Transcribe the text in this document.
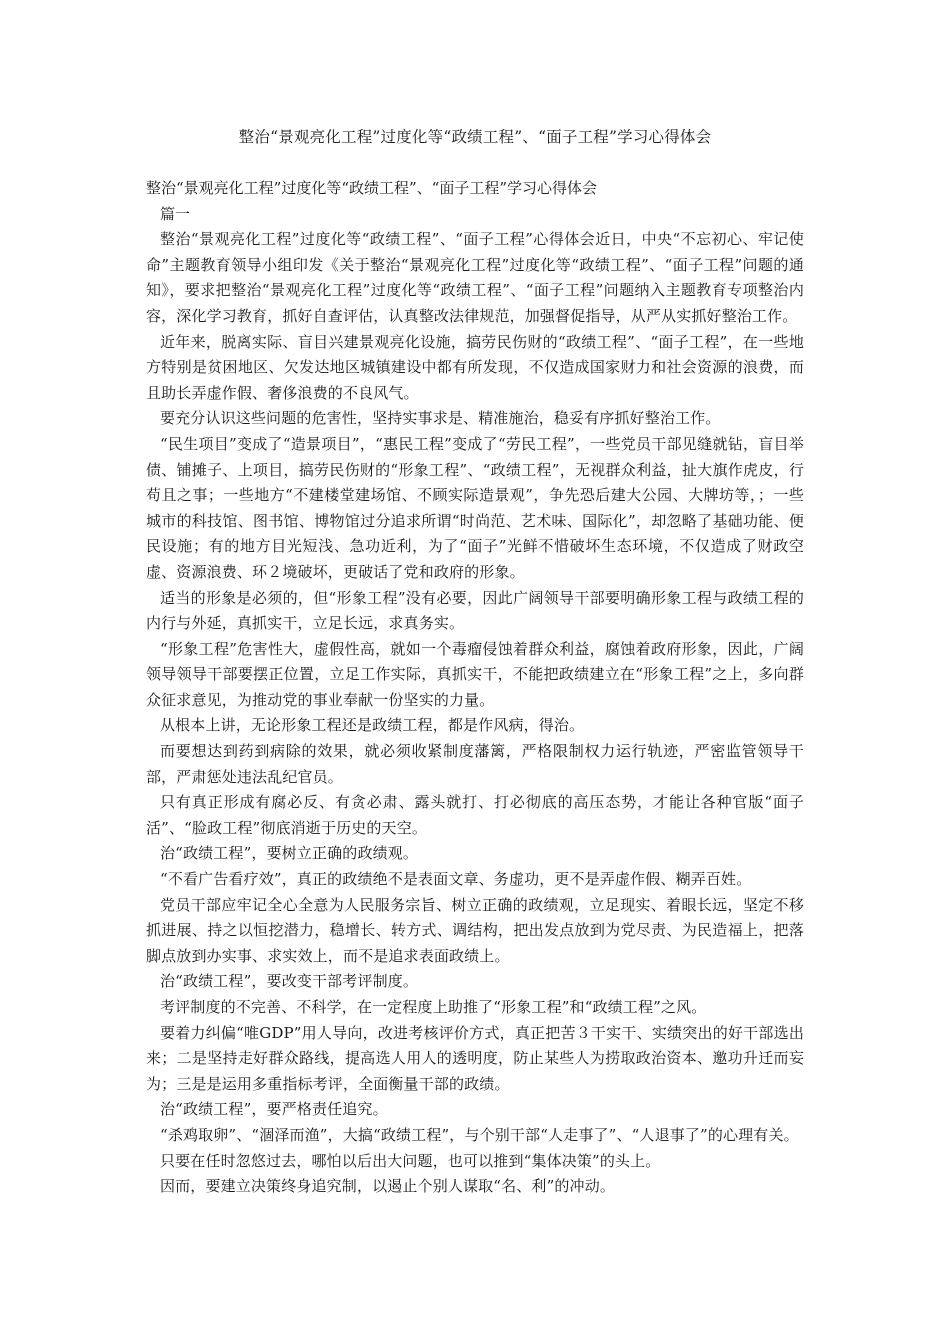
整治“景观亮化工程”过度化等“政绩工程”、“面子工程”学习心得体会
整治“景观亮化工程”过度化等“政绩工程”、“面子工程”学习心得体会

篇一

整治“景观亮化工程”过度化等“政绩工程”、“面子工程”心得体会近日，中央“不忘初心、牢记使命”主题教育领导小组印发《关于整治“景观亮化工程”过度化等“政绩工程”、“面子工程”问题的通知》，要求把整治“景观亮化工程”过度化等“政绩工程”、“面子工程”问题纳入主题教育专项整治内容，深化学习教育，抓好自查评估，认真整改法律规范，加强督促指导，从严从实抓好整治工作。

近年来，脱离实际、盲目兴建景观亮化设施，搞劳民伤财的“政绩工程”、“面子工程”，在一些地方特别是贫困地区、欠发达地区城镇建设中都有所发现，不仅造成国家财力和社会资源的浪费，而且助长弄虚作假、奢侈浪费的不良风气。

要充分认识这些问题的危害性，坚持实事求是、精准施治，稳妥有序抓好整治工作。

“民生项目”变成了“造景项目”，“惠民工程”变成了“劳民工程”，一些党员干部见缝就钻，盲目举债、铺摊子、上项目，搞劳民伤财的“形象工程”、“政绩工程”，无视群众利益，扯大旗作虎皮，行苟且之事；一些地方“不建楼堂建场馆、不顾实际造景观”，争先恐后建大公园、大牌坊等，；一些城市的科技馆、图书馆、博物馆过分追求所谓“时尚范、艺术味、国际化”，却忽略了基础功能、便民设施；有的地方目光短浅、急功近利，为了“面子”光鲜不惜破坏生态环境，不仅造成了财政空虚、资源浪费、环２境破坏，更破话了党和政府的形象。

适当的形象是必须的，但“形象工程”没有必要，因此广阔领导干部要明确形象工程与政绩工程的内行与外延，真抓实干，立足长远，求真务实。

“形象工程”危害性大，虚假性高，就如一个毒瘤侵蚀着群众利益，腐蚀着政府形象，因此，广阔领导领导干部要摆正位置，立足工作实际，真抓实干，不能把政绩建立在“形象工程”之上，多向群众征求意见，为推动党的事业奉献一份坚实的力量。

从根本上讲，无论形象工程还是政绩工程，都是作风病，得治。

而要想达到药到病除的效果，就必须收紧制度藩篱，严格限制权力运行轨迹，严密监管领导干部，严肃惩处违法乱纪官员。

只有真正形成有腐必反、有贪必肃、露头就打、打必彻底的高压态势，才能让各种官版“面子活”、“脸政工程”彻底消逝于历史的天空。

治“政绩工程”，要树立正确的政绩观。

“不看广告看疗效”，真正的政绩绝不是表面文章、务虚功，更不是弄虚作假、糊弄百姓。

党员干部应牢记全心全意为人民服务宗旨、树立正确的政绩观，立足现实、着眼长远，坚定不移抓进展、持之以恒挖潜力，稳增长、转方式、调结构，把出发点放到为党尽责、为民造福上，把落脚点放到办实事、求实效上，而不是追求表面政绩上。

治“政绩工程”，要改变干部考评制度。

考评制度的不完善、不科学，在一定程度上助推了“形象工程”和“政绩工程”之风。

要着力纠偏“唯GDP”用人导向，改进考核评价方式，真正把苦３干实干、实绩突出的好干部选出来；二是坚持走好群众路线，提高选人用人的透明度，防止某些人为捞取政治资本、邀功升迁而妄为；三是是运用多重指标考评，全面衡量干部的政绩。

治“政绩工程”，要严格责任追究。

“杀鸡取卵”、“涸泽而渔”，大搞“政绩工程”，与个别干部“人走事了”、“人退事了”的心理有关。

只要在任时忽悠过去，哪怕以后出大问题，也可以推到“集体决策”的头上。

因而，要建立决策终身追究制，以遏止个别人谋取“名、利”的冲动。
